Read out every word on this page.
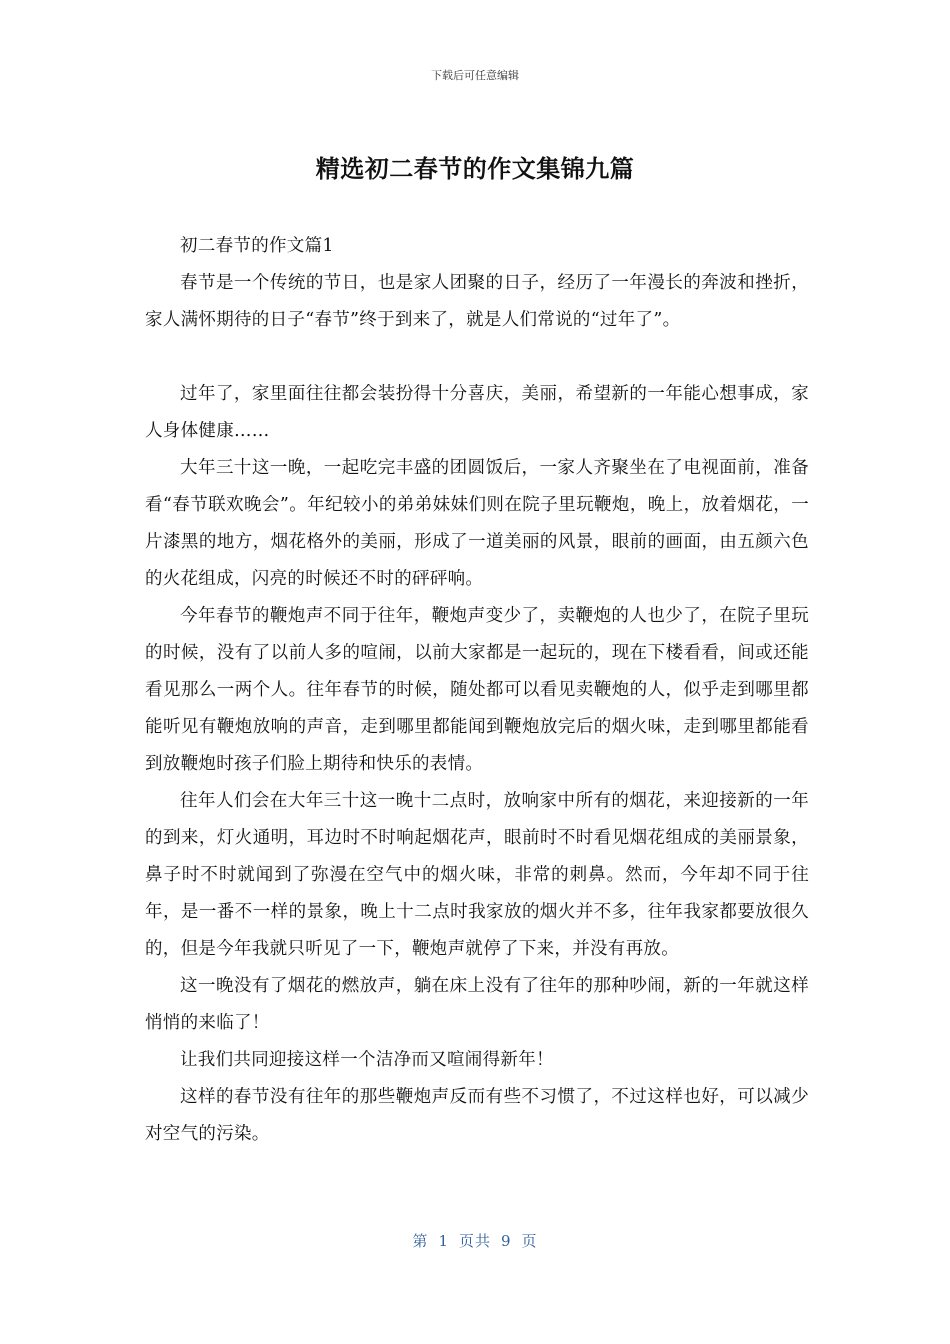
下载后可任意编辑
精选初二春节的作文集锦九篇

初二春节的作文篇1

春节是一个传统的节日，也是家人团聚的日子，经历了一年漫长的奔波和挫折，家人满怀期待的日子“春节”终于到来了，就是人们常说的“过年了”。

过年了，家里面往往都会装扮得十分喜庆，美丽，希望新的一年能心想事成，家人身体健康……

大年三十这一晚，一起吃完丰盛的团圆饭后，一家人齐聚坐在了电视面前，准备看“春节联欢晚会”。年纪较小的弟弟妹妹们则在院子里玩鞭炮，晚上，放着烟花，一片漆黑的地方，烟花格外的美丽，形成了一道美丽的风景，眼前的画面，由五颜六色的火花组成，闪亮的时候还不时的砰砰响。

今年春节的鞭炮声不同于往年，鞭炮声变少了，卖鞭炮的人也少了，在院子里玩的时候，没有了以前人多的喧闹，以前大家都是一起玩的，现在下楼看看，间或还能看见那么一两个人。往年春节的时候，随处都可以看见卖鞭炮的人，似乎走到哪里都能听见有鞭炮放响的声音，走到哪里都能闻到鞭炮放完后的烟火味，走到哪里都能看到放鞭炮时孩子们脸上期待和快乐的表情。

往年人们会在大年三十这一晚十二点时，放响家中所有的烟花，来迎接新的一年的到来，灯火通明，耳边时不时响起烟花声，眼前时不时看见烟花组成的美丽景象，鼻子时不时就闻到了弥漫在空气中的烟火味，非常的刺鼻。然而，今年却不同于往年，是一番不一样的景象，晚上十二点时我家放的烟火并不多，往年我家都要放很久的，但是今年我就只听见了一下，鞭炮声就停了下来，并没有再放。

这一晚没有了烟花的燃放声，躺在床上没有了往年的那种吵闹，新的一年就这样悄悄的来临了！

让我们共同迎接这样一个洁净而又喧闹得新年！

这样的春节没有往年的那些鞭炮声反而有些不习惯了，不过这样也好，可以减少对空气的污染。

第 1 页共 9 页
